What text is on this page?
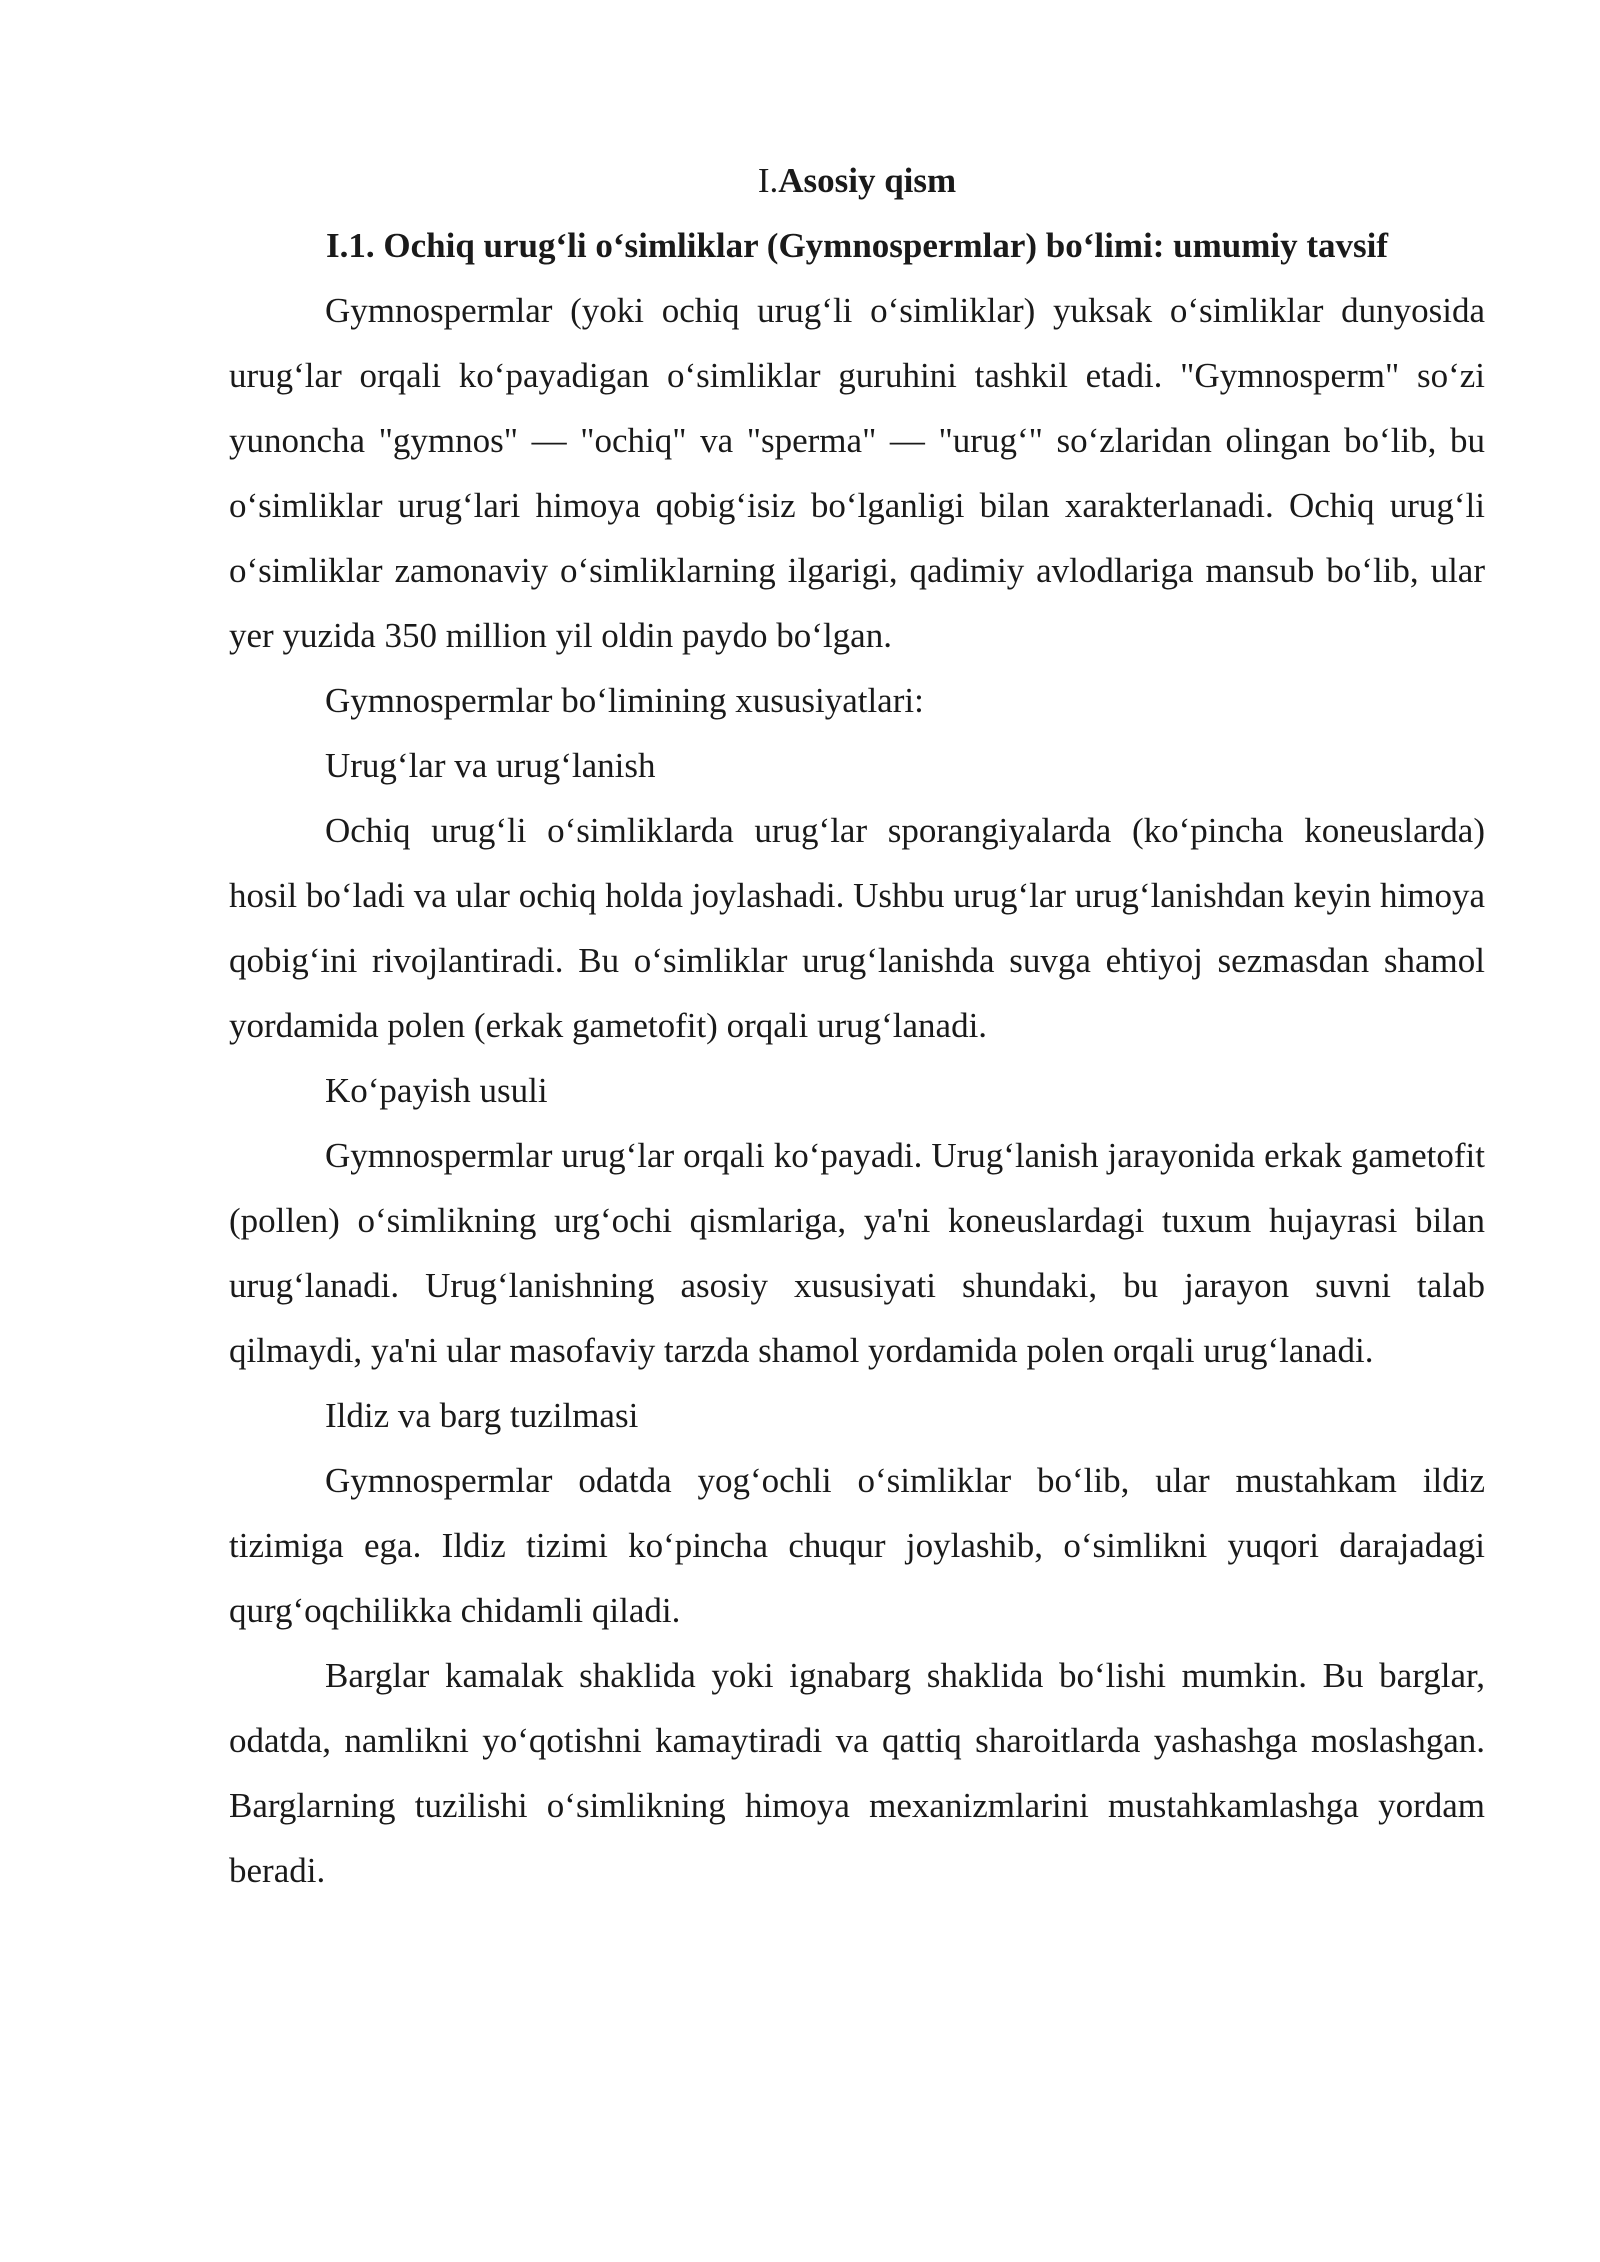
I.Asosiy qism
I.1. Ochiq urug‘li o‘simliklar (Gymnospermlar) bo‘limi: umumiy tavsif

Gymnospermlar (yoki ochiq urug‘li o‘simliklar) yuksak o‘simliklar dunyosida urug‘lar orqali ko‘payadigan o‘simliklar guruhini tashkil etadi. "Gymnosperm" so‘zi yunoncha "gymnos" — "ochiq" va "sperma" — "urug‘" so‘zlaridan olingan bo‘lib, bu o‘simliklar urug‘lari himoya qobig‘isiz bo‘lganligi bilan xarakterlanadi. Ochiq urug‘li o‘simliklar zamonaviy o‘simliklarning ilgarigi, qadimiy avlodlariga mansub bo‘lib, ular yer yuzida 350 million yil oldin paydo bo‘lgan.

Gymnospermlar bo‘limining xususiyatlari:

Urug‘lar va urug‘lanish

Ochiq urug‘li o‘simliklarda urug‘lar sporangiyalarda (ko‘pincha koneuslarda) hosil bo‘ladi va ular ochiq holda joylashadi. Ushbu urug‘lar urug‘lanishdan keyin himoya qobig‘ini rivojlantiradi. Bu o‘simliklar urug‘lanishda suvga ehtiyoj sezmasdan shamol yordamida polen (erkak gametofit) orqali urug‘lanadi.

Ko‘payish usuli

Gymnospermlar urug‘lar orqali ko‘payadi. Urug‘lanish jarayonida erkak gametofit (pollen) o‘simlikning urg‘ochi qismlariga, ya'ni koneuslardagi tuxum hujayrasi bilan urug‘lanadi. Urug‘lanishning asosiy xususiyati shundaki, bu jarayon suvni talab qilmaydi, ya'ni ular masofaviy tarzda shamol yordamida polen orqali urug‘lanadi.

Ildiz va barg tuzilmasi

Gymnospermlar odatda yog‘ochli o‘simliklar bo‘lib, ular mustahkam ildiz tizimiga ega. Ildiz tizimi ko‘pincha chuqur joylashib, o‘simlikni yuqori darajadagi qurg‘oqchilikka chidamli qiladi.

Barglar kamalak shaklida yoki ignabarg shaklida bo‘lishi mumkin. Bu barglar, odatda, namlikni yo‘qotishni kamaytiradi va qattiq sharoitlarda yashashga moslashgan. Barglarning tuzilishi o‘simlikning himoya mexanizmlarini mustahkamlashga yordam beradi.
